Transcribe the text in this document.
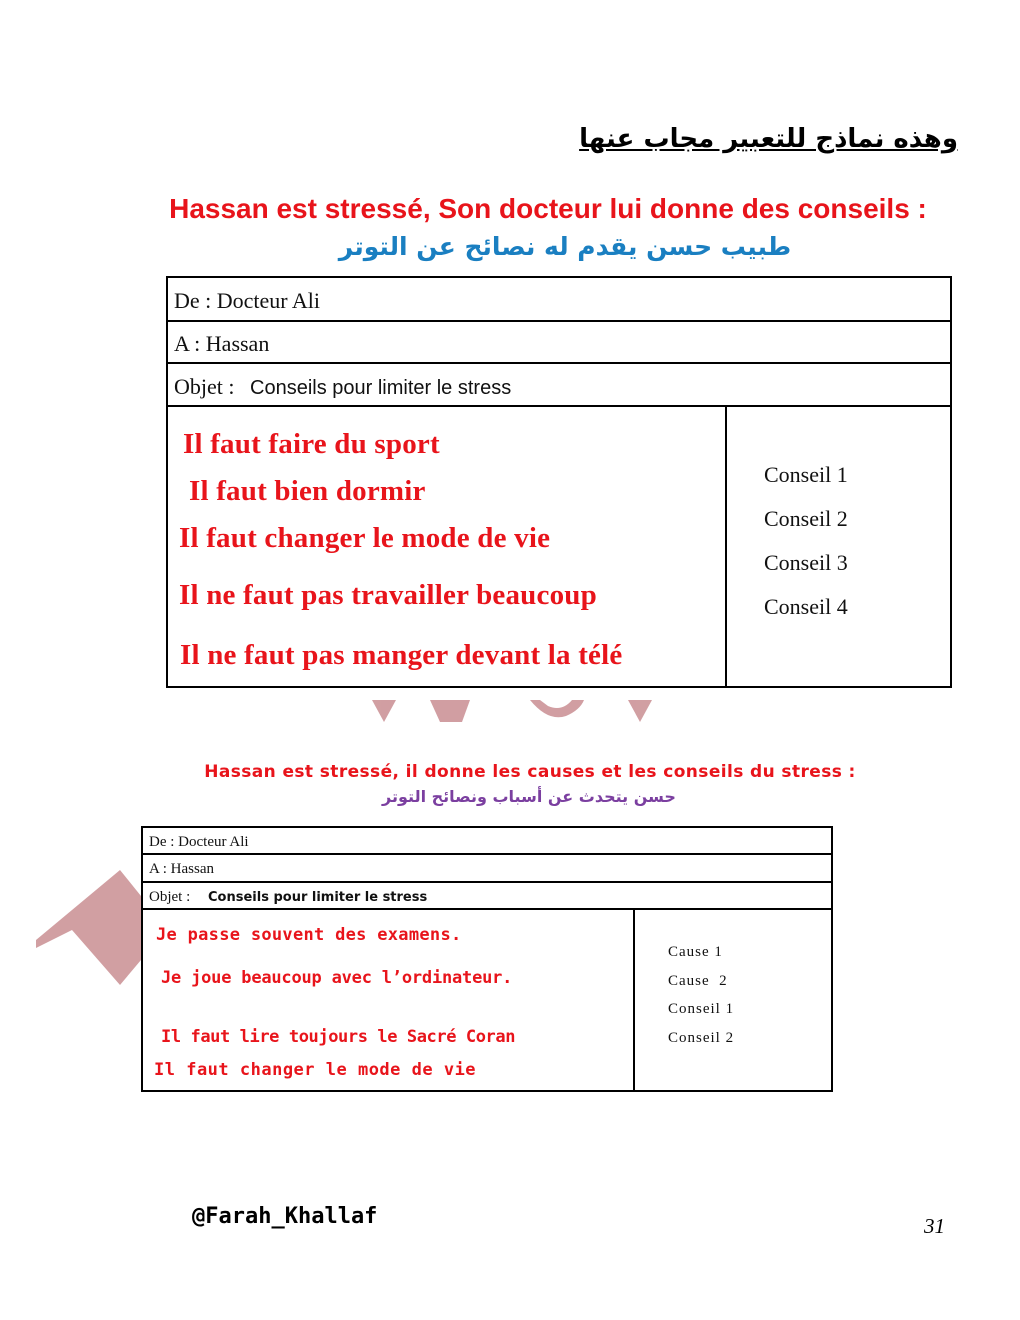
وهذه نماذج للتعبير مجاب عنها
Hassan est stressé, Son docteur lui donne des conseils :
طبيب حسن يقدم له نصائح عن التوتر
De : Docteur Ali
A : Hassan
Objet : Conseils pour limiter le stress
Il faut faire du sport
Il faut bien dormir
Il faut changer le mode de vie
Il ne faut pas travailler beaucoup
Il ne faut pas manger devant la télé
Conseil 1
Conseil 2
Conseil 3
Conseil 4
Hassan est stressé, il donne les causes et les conseils du stress :
حسن يتحدث عن أسباب ونصائح التوتر
De : Docteur Ali
A : Hassan
Objet : Conseils pour limiter le stress
Je passe souvent des examens.
Je joue beaucoup avec l’ordinateur.
Il faut lire toujours le Sacré Coran
Il faut changer le mode de vie
Cause 1
Cause  2
Conseil 1
Conseil 2
@Farah_Khallaf	31
